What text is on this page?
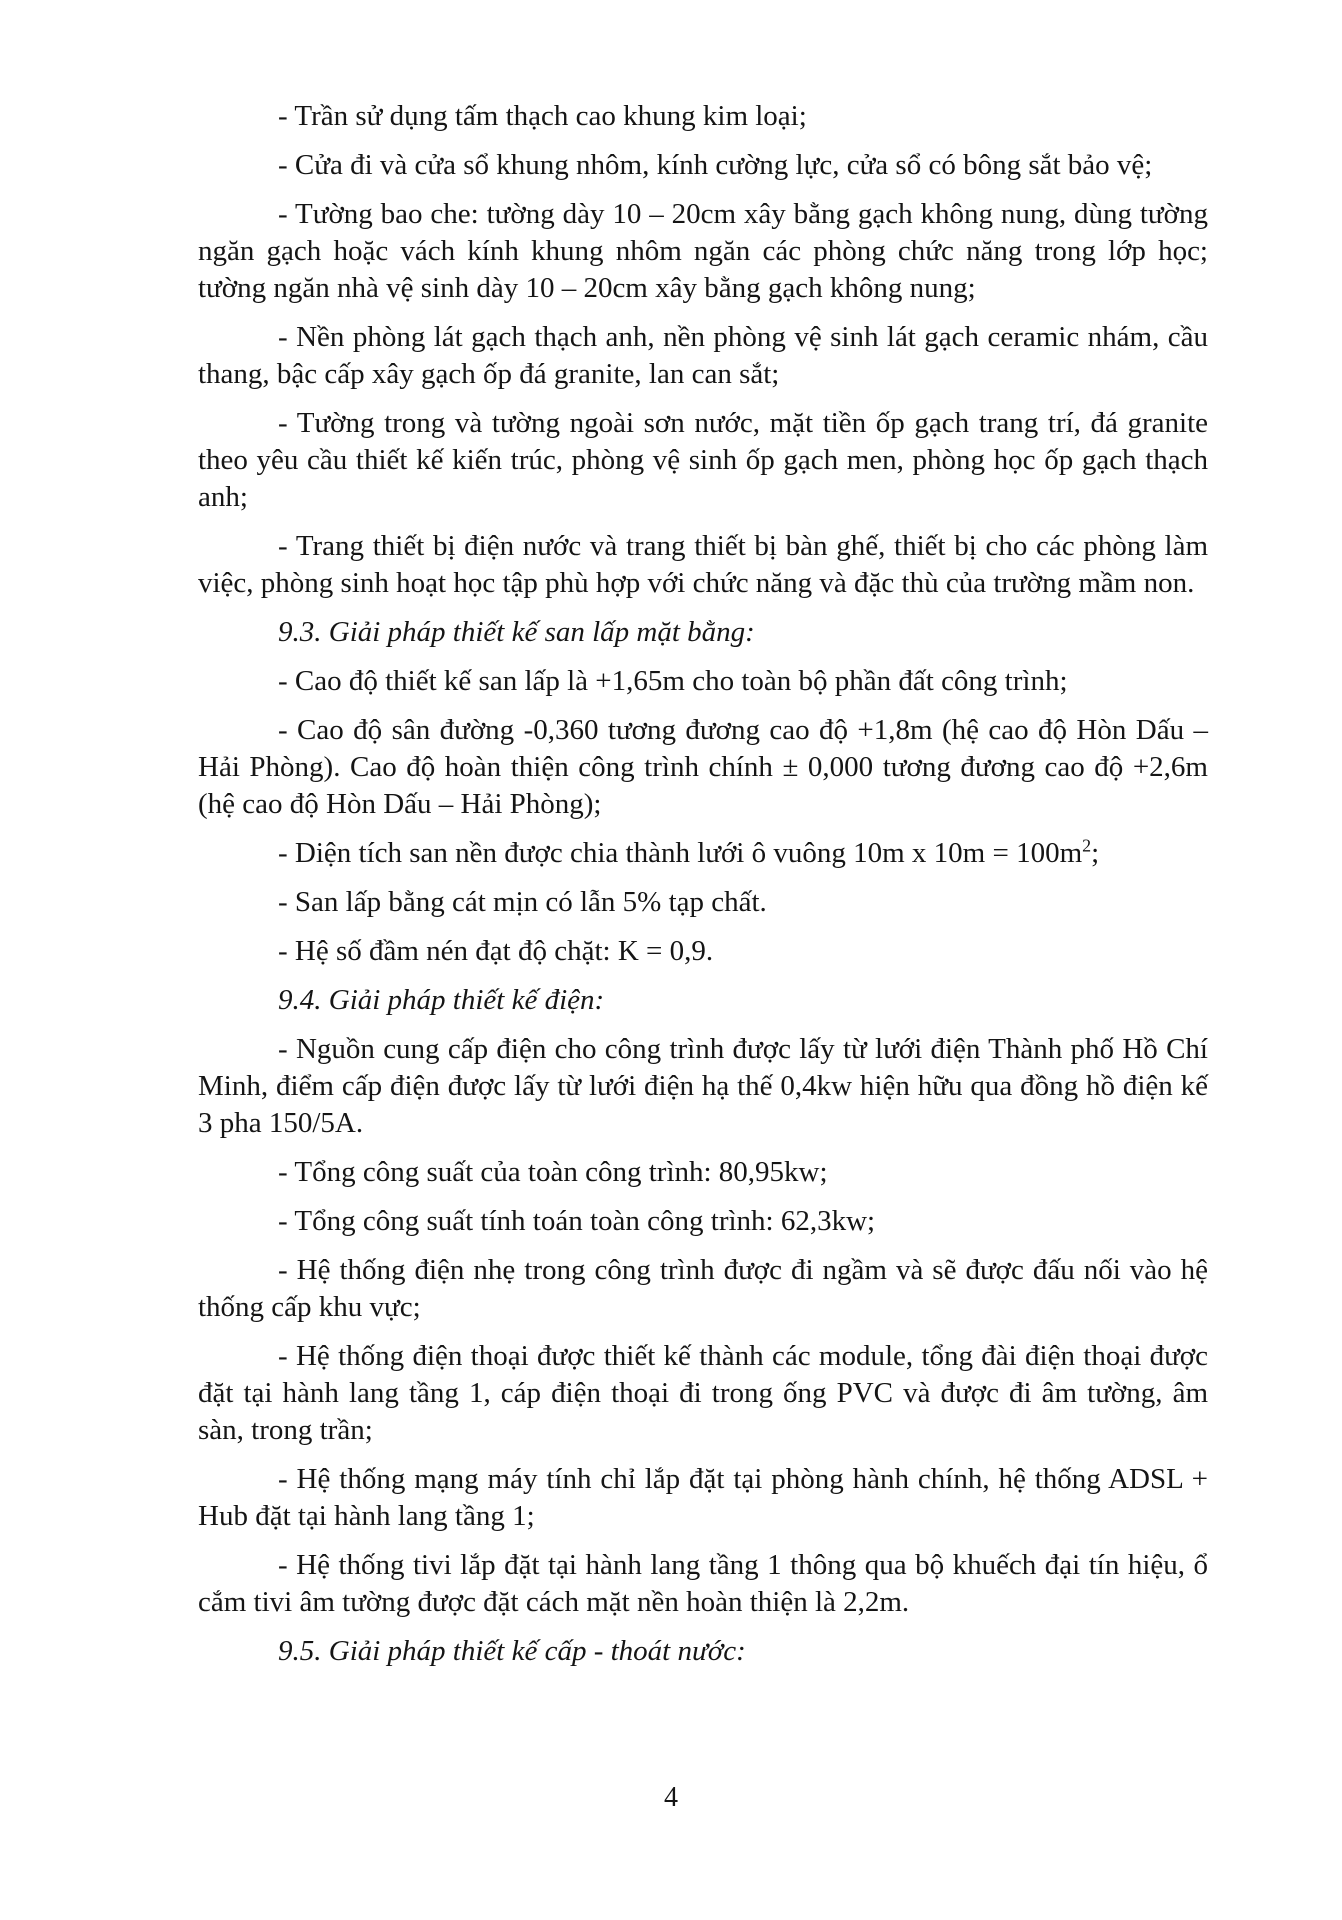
- Trần sử dụng tấm thạch cao khung kim loại;

- Cửa đi và cửa sổ khung nhôm, kính cường lực, cửa sổ có bông sắt bảo vệ;

- Tường bao che: tường dày 10 – 20cm xây bằng gạch không nung, dùng tường ngăn gạch hoặc vách kính khung nhôm ngăn các phòng chức năng trong lớp học; tường ngăn nhà vệ sinh dày 10 – 20cm xây bằng gạch không nung;

- Nền phòng lát gạch thạch anh, nền phòng vệ sinh lát gạch ceramic nhám, cầu thang, bậc cấp xây gạch ốp đá granite, lan can sắt;

- Tường trong và tường ngoài sơn nước, mặt tiền ốp gạch trang trí, đá granite theo yêu cầu thiết kế kiến trúc, phòng vệ sinh ốp gạch men, phòng học ốp gạch thạch anh;

- Trang thiết bị điện nước và trang thiết bị bàn ghế, thiết bị cho các phòng làm việc, phòng sinh hoạt học tập phù hợp với chức năng và đặc thù của trường mầm non.

9.3. Giải pháp thiết kế san lấp mặt bằng:

- Cao độ thiết kế san lấp là +1,65m cho toàn bộ phần đất công trình;

- Cao độ sân đường -0,360 tương đương cao độ +1,8m (hệ cao độ Hòn Dấu – Hải Phòng). Cao độ hoàn thiện công trình chính ± 0,000 tương đương cao độ +2,6m (hệ cao độ Hòn Dấu – Hải Phòng);

- Diện tích san nền được chia thành lưới ô vuông 10m x $10m = 100m^2$;

- San lấp bằng cát mịn có lẫn 5% tạp chất.

- Hệ số đầm nén đạt độ chặt: K = 0,9.

9.4. Giải pháp thiết kế điện:

- Nguồn cung cấp điện cho công trình được lấy từ lưới điện Thành phố Hồ Chí Minh, điểm cấp điện được lấy từ lưới điện hạ thế 0,4kw hiện hữu qua đồng hồ điện kế 3 pha 150/5A.

- Tổng công suất của toàn công trình: 80,95kw;

- Tổng công suất tính toán toàn công trình: 62,3kw;

- Hệ thống điện nhẹ trong công trình được đi ngầm và sẽ được đấu nối vào hệ thống cấp khu vực;

- Hệ thống điện thoại được thiết kế thành các module, tổng đài điện thoại được đặt tại hành lang tầng 1, cáp điện thoại đi trong ống PVC và được đi âm tường, âm sàn, trong trần;

- Hệ thống mạng máy tính chỉ lắp đặt tại phòng hành chính, hệ thống ADSL + Hub đặt tại hành lang tầng 1;

- Hệ thống tivi lắp đặt tại hành lang tầng 1 thông qua bộ khuếch đại tín hiệu, ổ cắm tivi âm tường được đặt cách mặt nền hoàn thiện là 2,2m.

9.5. Giải pháp thiết kế cấp - thoát nước:

4
